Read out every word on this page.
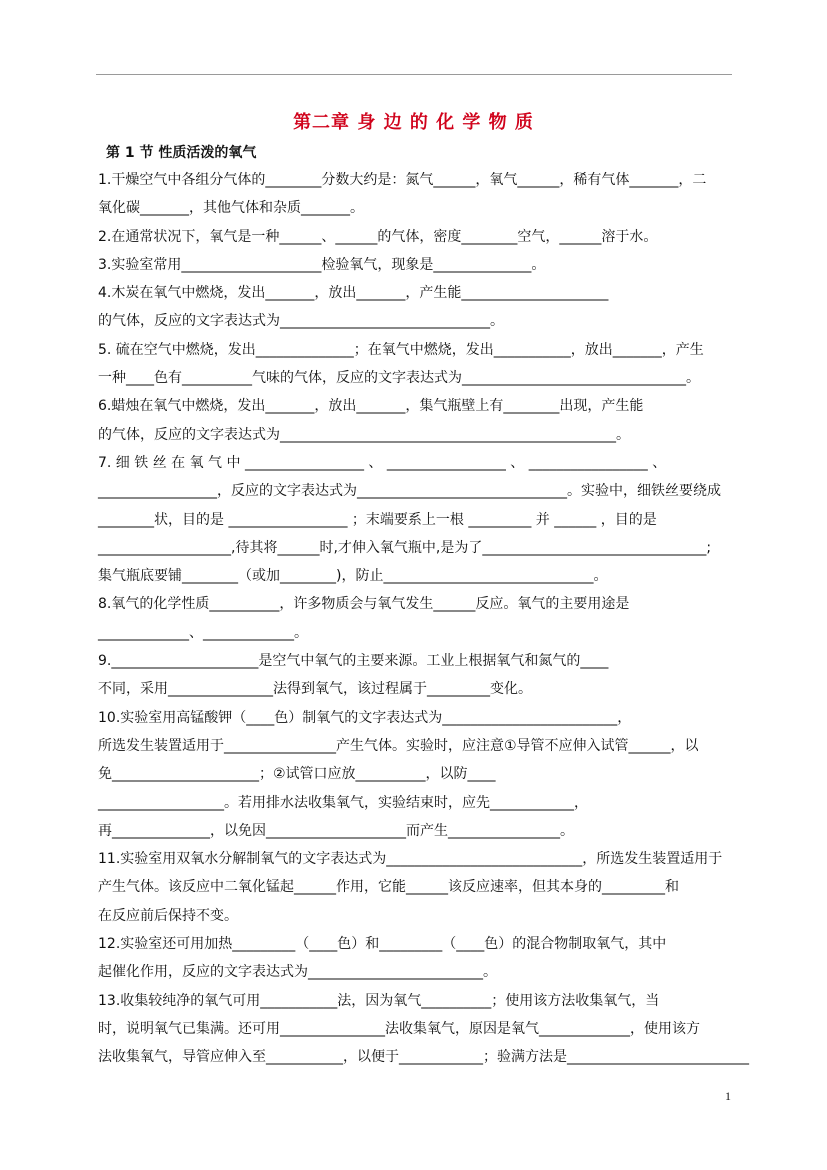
第二章 身 边 的 化 学 物 质
第 1 节 性质活泼的氧气
1.干燥空气中各组分气体的________分数大约是：氮气______，氧气______，稀有气体_______，二
氧化碳_______，其他气体和杂质_______。
2.在通常状况下，氧气是一种______、______的气体，密度________空气，______溶于水。
3.实验室常用____________________检验氧气，现象是______________。
4.木炭在氧气中燃烧，发出_______，放出_______，产生能_____________________
的气体，反应的文字表达式为______________________________。
5. 硫在空气中燃烧，发出______________；在氧气中燃烧，发出___________，放出_______，产生
一种____色有__________气味的气体，反应的文字表达式为________________________________。
6.蜡烛在氧气中燃烧，发出_______，放出_______，集气瓶壁上有________出现，产生能
的气体，反应的文字表达式为________________________________________________。
7. 细 铁 丝 在 氧 气 中 _________________ 、 _________________ 、 _________________ 、
_________________，反应的文字表达式为______________________________。实验中，细铁丝要绕成
________状，目的是 _________________ ；末端要系上一根 _________ 并 ______ ，目的是
___________________,待其将______时,才伸入氧气瓶中,是为了________________________________;
集气瓶底要铺________（或加________)，防止______________________________。
8.氧气的化学性质__________，许多物质会与氧气发生______反应。氧气的主要用途是
_____________、_____________。
9._____________________是空气中氧气的主要来源。工业上根据氧气和氮气的____
不同，采用_______________法得到氧气，该过程属于_________变化。
10.实验室用高锰酸钾（____色）制氧气的文字表达式为_________________________，
所选发生装置适用于________________产生气体。实验时，应注意①导管不应伸入试管______，以
免_____________________；②试管口应放__________，以防____
__________________。若用排水法收集氧气，实验结束时，应先____________，
再______________，以免因____________________而产生________________。
11.实验室用双氧水分解制氧气的文字表达式为____________________________，所选发生装置适用于
产生气体。该反应中二氧化锰起______作用，它能______该反应速率，但其本身的_________和
在反应前后保持不变。
12.实验室还可用加热_________（____色）和_________（____色）的混合物制取氧气，其中
起催化作用，反应的文字表达式为_________________________。
13.收集较纯净的氧气可用___________法，因为氧气__________；使用该方法收集氧气，当
时，说明氧气已集满。还可用_______________法收集氧气，原因是氧气_____________，使用该方
法收集氧气，导管应伸入至___________，以便于____________；验满方法是__________________________
1
